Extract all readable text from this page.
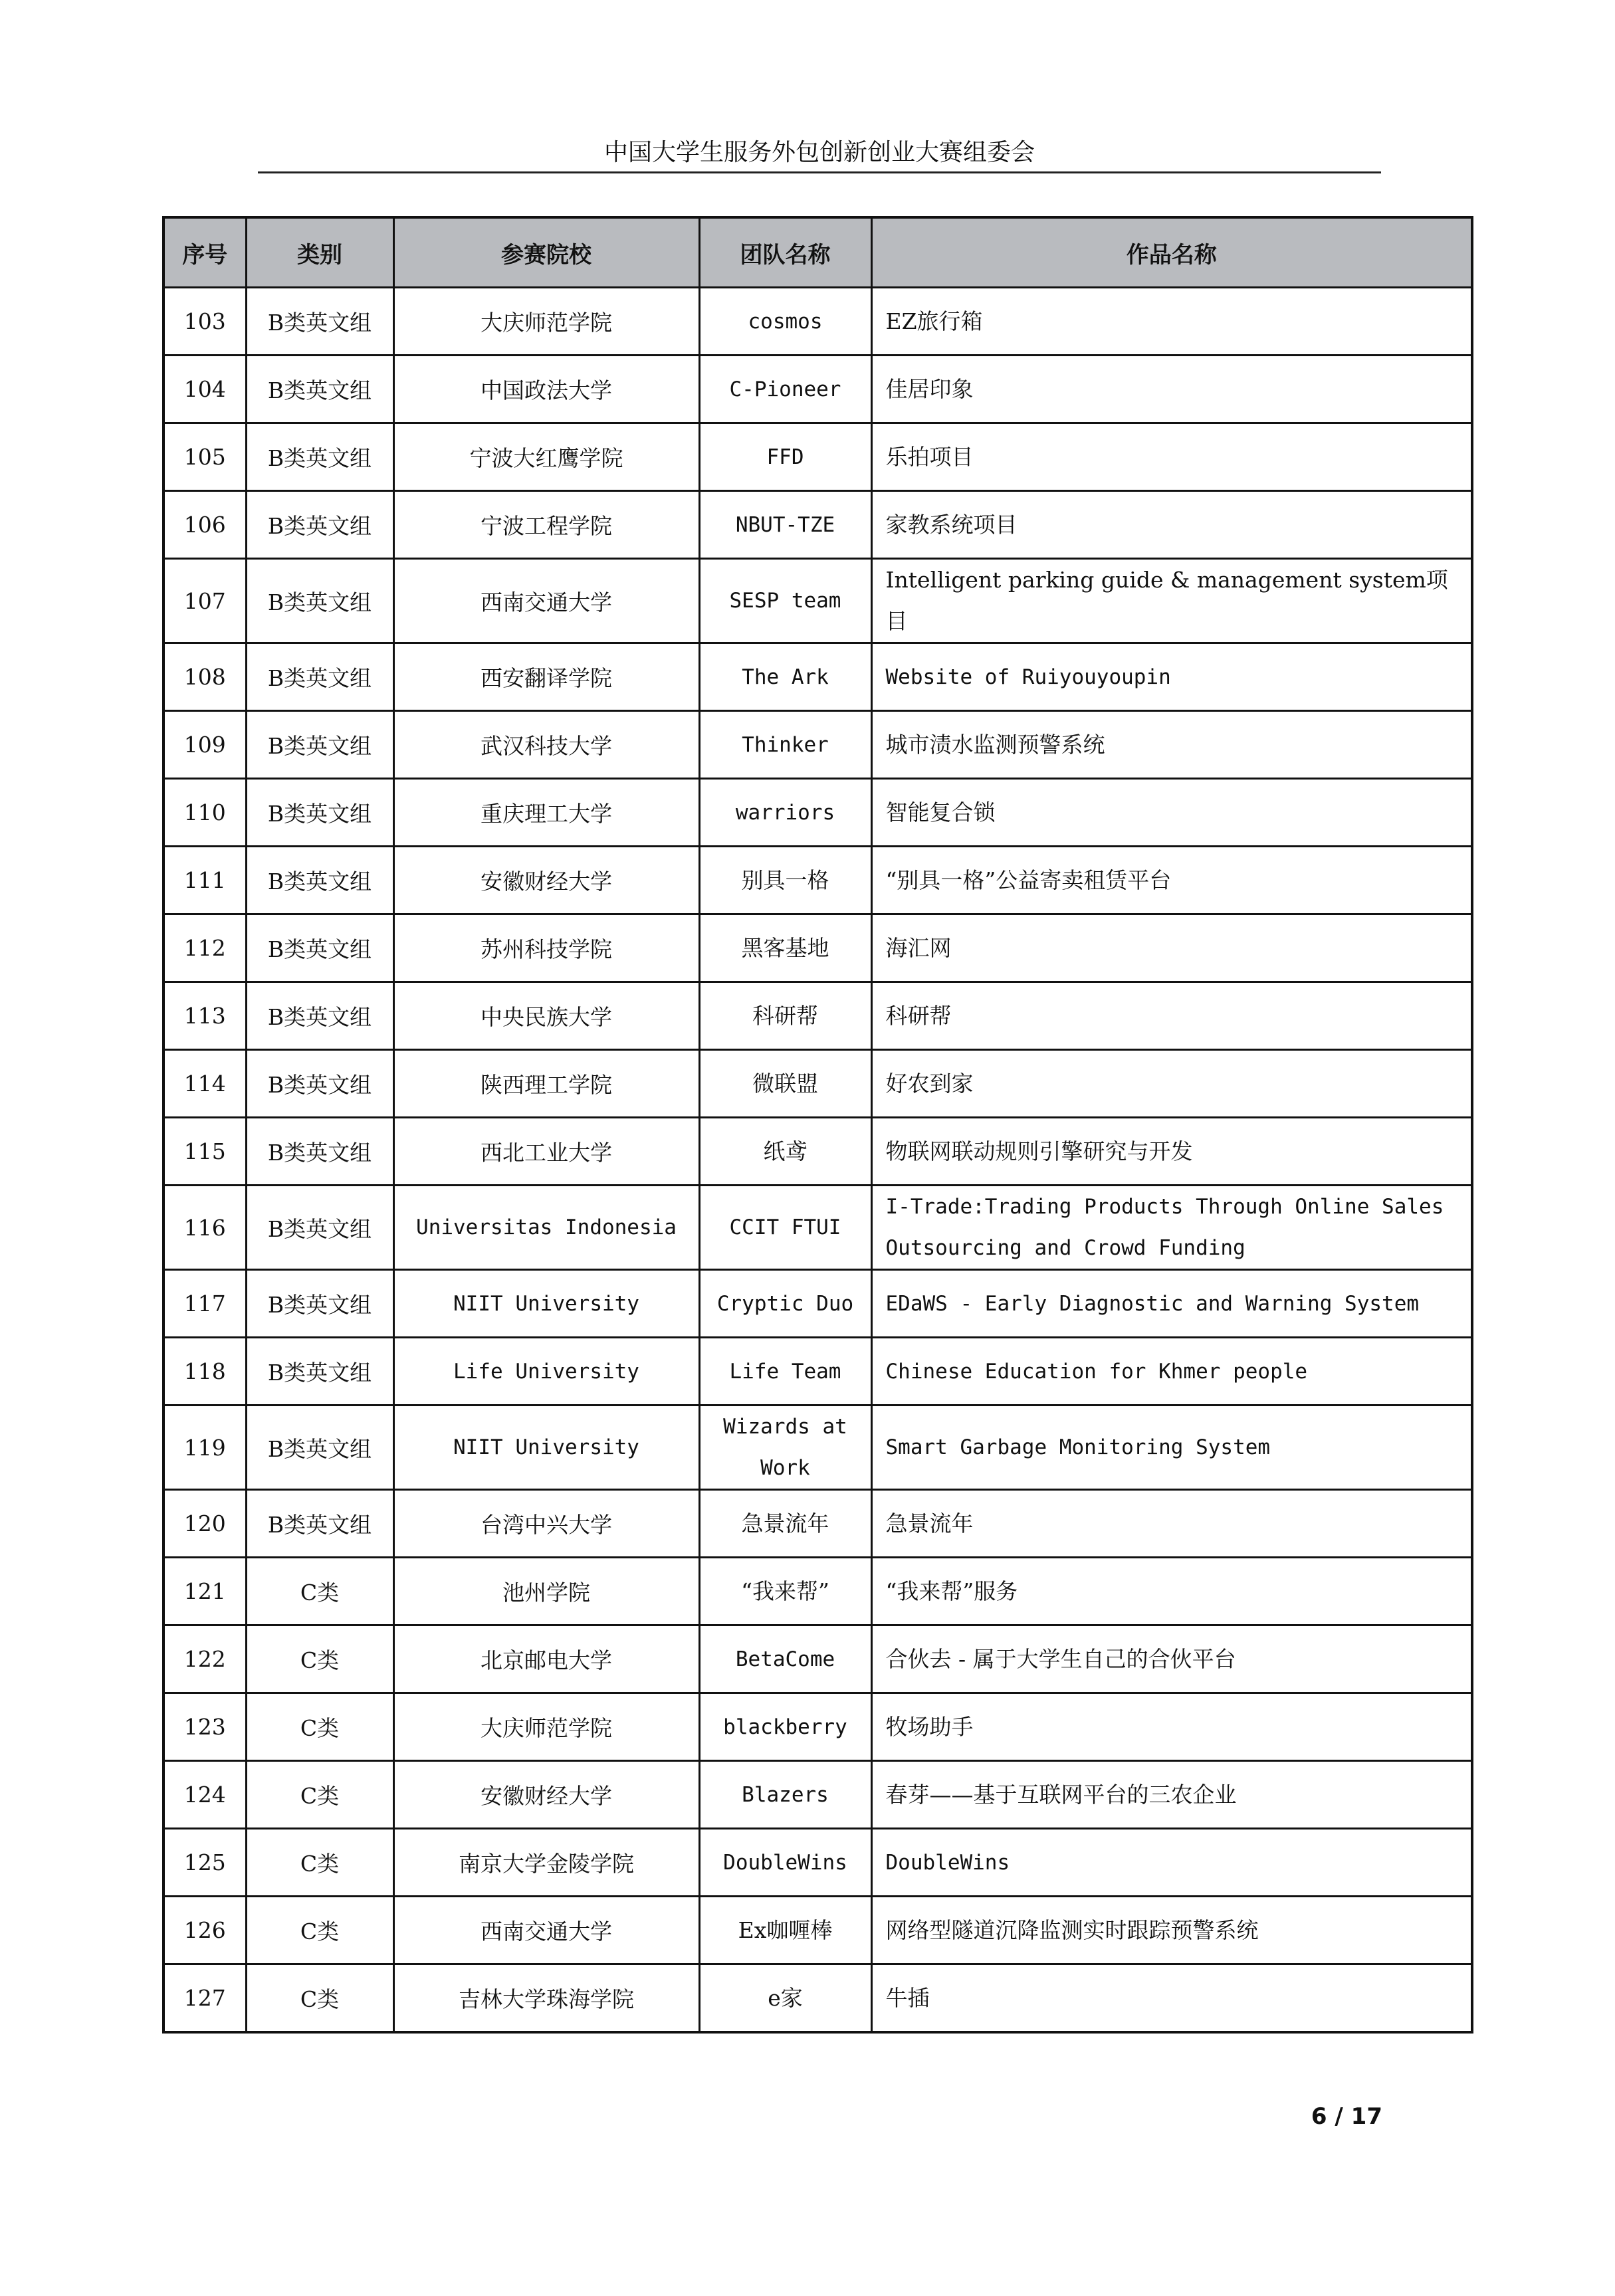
中国大学生服务外包创新创业大赛组委会
序号	类别	参赛院校	团队名称	作品名称
103	B类英文组	大庆师范学院	cosmos	EZ旅行箱
104	B类英文组	中国政法大学	C-Pioneer	佳居印象
105	B类英文组	宁波大红鹰学院	FFD	乐拍项目
106	B类英文组	宁波工程学院	NBUT-TZE	家教系统项目
107	B类英文组	西南交通大学	SESP team	Intelligent parking guide & management system项目
108	B类英文组	西安翻译学院	The Ark	Website of Ruiyouyoupin
109	B类英文组	武汉科技大学	Thinker	城市渍水监测预警系统
110	B类英文组	重庆理工大学	warriors	智能复合锁
111	B类英文组	安徽财经大学	别具一格	“别具一格”公益寄卖租赁平台
112	B类英文组	苏州科技学院	黑客基地	海汇网
113	B类英文组	中央民族大学	科研帮	科研帮
114	B类英文组	陕西理工学院	微联盟	好农到家
115	B类英文组	西北工业大学	纸鸢	物联网联动规则引擎研究与开发
116	B类英文组	Universitas Indonesia	CCIT FTUI	I-Trade:Trading Products Through Online Sales Outsourcing and Crowd Funding
117	B类英文组	NIIT University	Cryptic Duo	EDaWS - Early Diagnostic and Warning System
118	B类英文组	Life University	Life Team	Chinese Education for Khmer people
119	B类英文组	NIIT University	Wizards at Work	Smart Garbage Monitoring System
120	B类英文组	台湾中兴大学	急景流年	急景流年
121	C类	池州学院	“我来帮”	“我来帮”服务
122	C类	北京邮电大学	BetaCome	合伙去 - 属于大学生自己的合伙平台
123	C类	大庆师范学院	blackberry	牧场助手
124	C类	安徽财经大学	Blazers	春芽——基于互联网平台的三农企业
125	C类	南京大学金陵学院	DoubleWins	DoubleWins
126	C类	西南交通大学	Ex咖喱棒	网络型隧道沉降监测实时跟踪预警系统
127	C类	吉林大学珠海学院	e家	牛插
6 / 17
